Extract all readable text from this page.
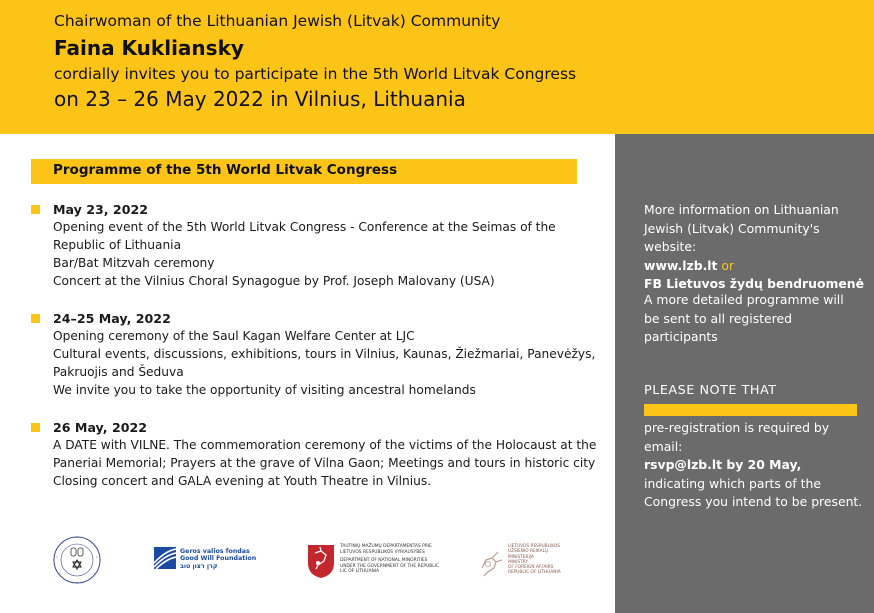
Chairwoman of the Lithuanian Jewish (Litvak) Community
Faina Kukliansky
cordially invites you to participate in the 5th World Litvak Congress
on 23 – 26 May 2022 in Vilnius, Lithuania
Programme of the 5th World Litvak Congress
May 23, 2022
Opening event of the 5th World Litvak Congress - Conference at the Seimas of the
Republic of Lithuania
Bar/Bat Mitzvah ceremony
Concert at the Vilnius Choral Synagogue by Prof. Joseph Malovany (USA)
24–25 May, 2022
Opening ceremony of the Saul Kagan Welfare Center at LJC
Cultural events, discussions, exhibitions, tours in Vilnius, Kaunas, Žiežmariai, Panevėžys,
Pakruojis and Šeduva
We invite you to take the opportunity of visiting ancestral homelands
26 May, 2022
A DATE with VILNE. The commemoration ceremony of the victims of the Holocaust at the
Paneriai Memorial; Prayers at the grave of Vilna Gaon; Meetings and tours in historic city
Closing concert and GALA evening at Youth Theatre in Vilnius.
More information on Lithuanian
Jewish (Litvak) Community's website:
www.lzb.lt or
FB Lietuvos žydų bendruomenė
A more detailed programme will
be sent to all registered participants
PLEASE NOTE THAT
pre-registration is required by email:
rsvp@lzb.lt by 20 May,
indicating which parts of the
Congress you intend to be present.
Geros valios fondas
Good Will Foundation
קרן רצון טוב
TAUTINIŲ MAŽUMŲ DEPARTAMENTAS PRIE
LIETUVOS RESPUBLIKOS VYRIAUSYBĖS
DEPARTMENT OF NATIONAL MINORITIES
UNDER THE GOVERNMENT OF THE REPUBLIC
LIC OF LITHUANIA
LIETUVOS RESPUBLIKOS
UŽSIENIO REIKALŲ
MINISTERIJA
MINISTRY
OF FOREIGN AFFAIRS
REPUBLIC OF LITHUANIA
